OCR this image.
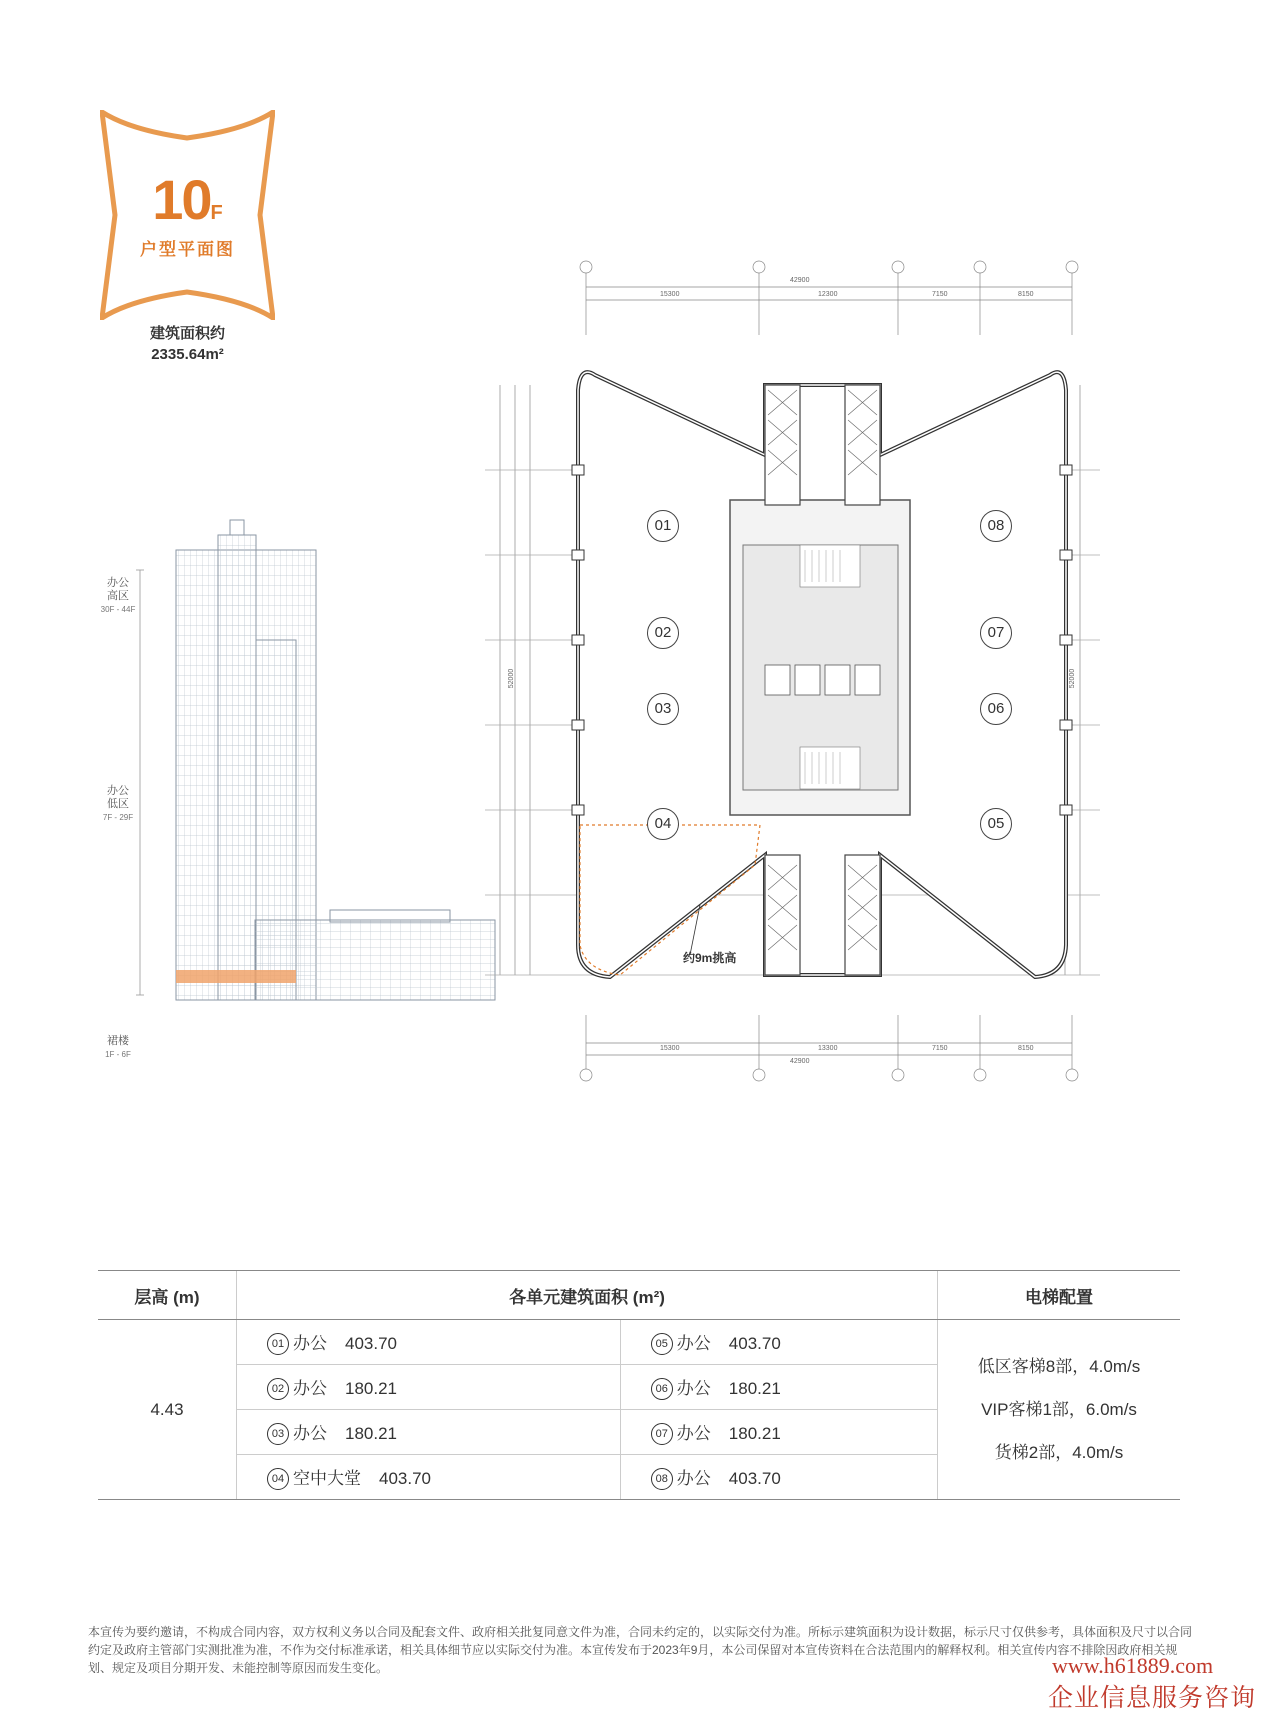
10F
户型平面图
建筑面积约
2335.64m²
办公
高区
30F - 44F
办公
低区
7F - 29F
裙楼
1F - 6F
42900
15300	12300	7150	8150
15300	13300	7150	8150
42900
52000	52000
01
02
03
04	05
06
07
08
约9m挑高
层高 (m)	各单元建筑面积 (m²)		电梯配置
4.43	01 办公 403.70	05 办公 403.70	低区客梯8部，4.0m/s
VIP客梯1部，6.0m/s
货梯2部，4.0m/s

	02 办公 180.21	06 办公 180.21	
	03 办公 180.21	07 办公 180.21	
	04 空中大堂 403.70	08 办公 403.70	
本宣传为要约邀请，不构成合同内容，双方权利义务以合同及配套文件、政府相关批复同意文件为准，合同未约定的，以实际交付为准。所标示建筑面积为设计数据，标示尺寸仅供参考，具体面积及尺寸以合同约定及政府主管部门实测批准为准，不作为交付标准承诺，相关具体细节应以实际交付为准。本宣传发布于2023年9月，本公司保留对本宣传资料在合法范围内的解释权利。相关宣传内容不排除因政府相关规划、规定及项目分期开发、未能控制等原因而发生变化。	www.h61889.com
企业信息服务咨询
